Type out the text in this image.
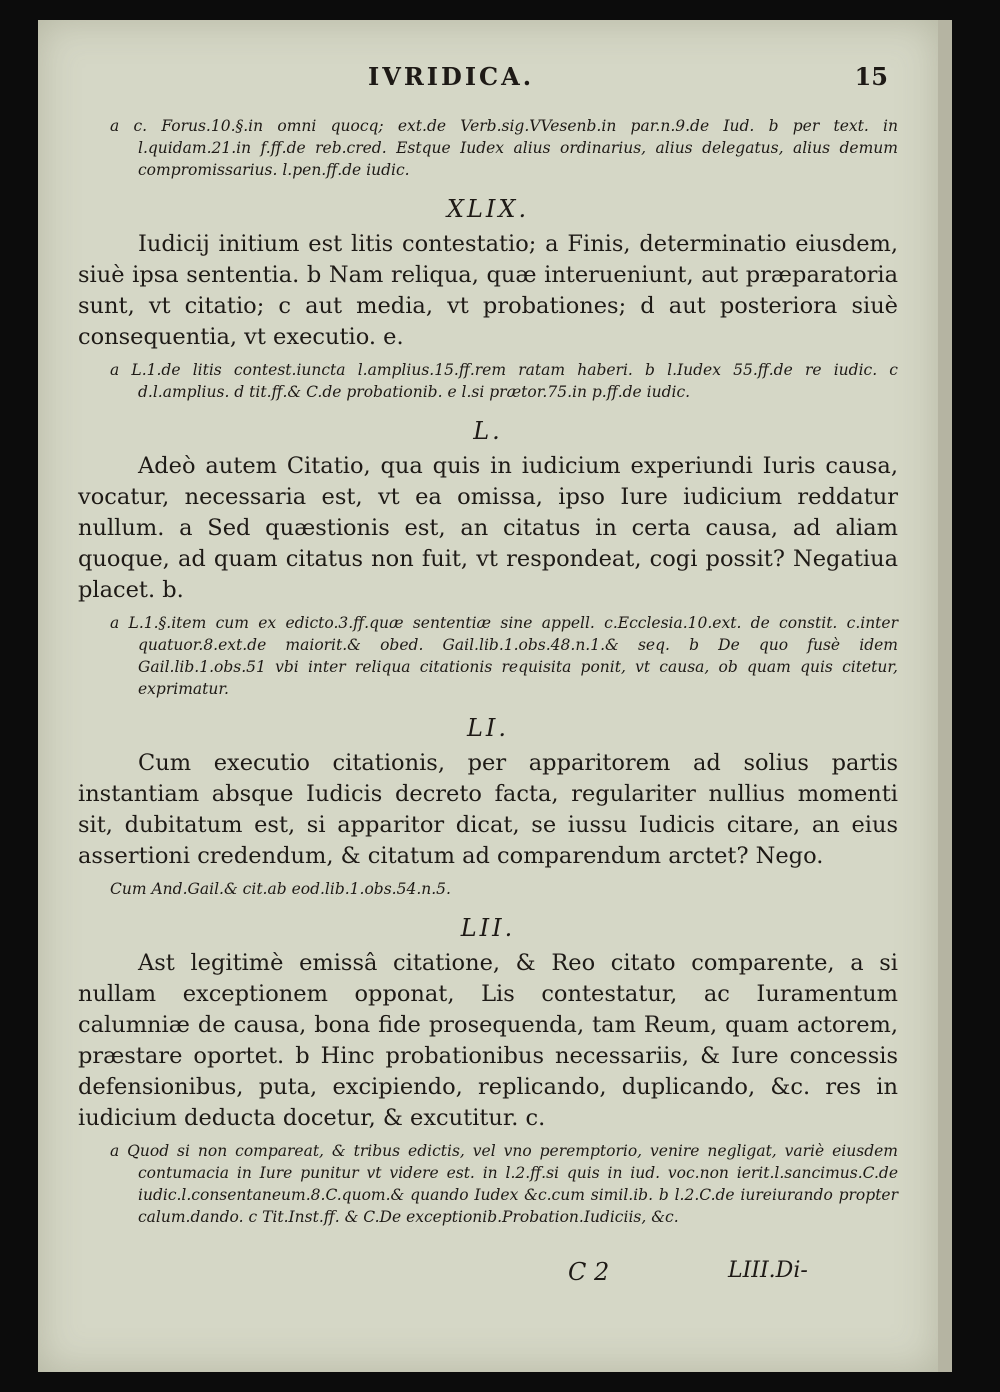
IVRIDICA.	15

a c. Forus.10.§.in omni quocq; ext.de Verb.sig.VVesenb.in par.n.9.de Iud. b per text. in l.quidam.21.in f.ff.de reb.cred. Estque Iudex alius ordinarius, alius delegatus, alius demum compromissarius. l.pen.ff.de iudic.

XLIX.

Iudicij initium est litis contestatio; a Finis, determinatio eiusdem, siuè ipsa sententia. b Nam reliqua, quæ interueniunt, aut præparatoria sunt, vt citatio; c aut media, vt probationes; d aut posteriora siuè consequentia, vt executio. e.

a L.1.de litis contest.iuncta l.amplius.15.ff.rem ratam haberi. b l.Iudex 55.ff.de re iudic. c d.l.amplius. d tit.ff.& C.de probationib. e l.si prætor.75.in p.ff.de iudic.

L.

Adeò autem Citatio, qua quis in iudicium experiundi Iuris causa, vocatur, necessaria est, vt ea omissa, ipso Iure iudicium reddatur nullum. a Sed quæstionis est, an citatus in certa causa, ad aliam quoque, ad quam citatus non fuit, vt respondeat, cogi possit? Negatiua placet. b.

a L.1.§.item cum ex edicto.3.ff.quæ sententiæ sine appell. c.Ecclesia.10.ext. de constit. c.inter quatuor.8.ext.de maiorit.& obed. Gail.lib.1.obs.48.n.1.& seq. b De quo fusè idem Gail.lib.1.obs.51 vbi inter reliqua citationis requisita ponit, vt causa, ob quam quis citetur, exprimatur.

LI.

Cum executio citationis, per apparitorem ad solius partis instantiam absque Iudicis decreto facta, regulariter nullius momenti sit, dubitatum est, si apparitor dicat, se iussu Iudicis citare, an eius assertioni credendum, & citatum ad comparendum arctet? Nego.

Cum And.Gail.& cit.ab eod.lib.1.obs.54.n.5.

LII.

Ast legitimè emissâ citatione, & Reo citato comparente, a si nullam exceptionem opponat, Lis contestatur, ac Iuramentum calumniæ de causa, bona fide prosequenda, tam Reum, quam actorem, præstare oportet. b Hinc probationibus necessariis, & Iure concessis defensionibus, puta, excipiendo, replicando, duplicando, &c. res in iudicium deducta docetur, & excutitur. c.

a Quod si non compareat, & tribus edictis, vel vno peremptorio, venire negligat, variè eiusdem contumacia in Iure punitur vt videre est. in l.2.ff.si quis in iud. voc.non ierit.l.sancimus.C.de iudic.l.consentaneum.8.C.quom.& quando Iudex &c.cum simil.ib. b l.2.C.de iureiurando propter calum.dando. c Tit.Inst.ff. & C.De exceptionib.Probation.Iudiciis, &c.

C 2	LIII.Di-
